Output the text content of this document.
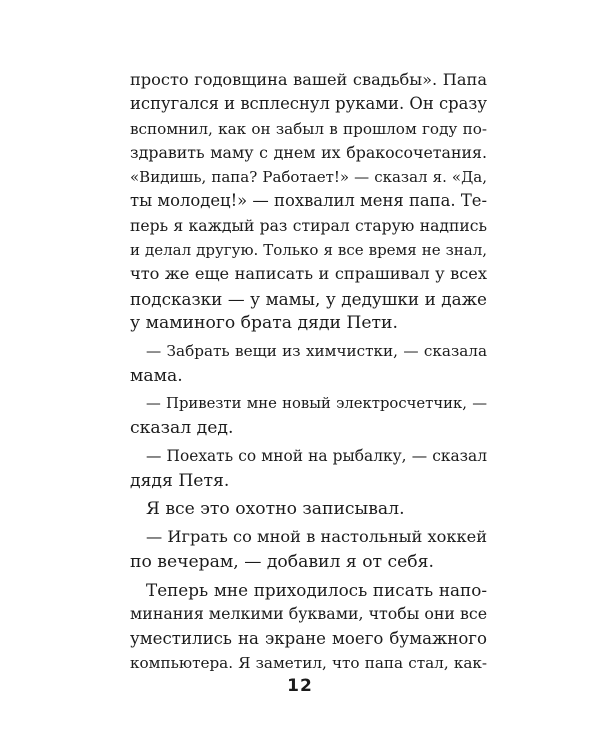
просто годовщина вашей свадьбы». Папа
испугался и всплеснул руками. Он сразу
вспомнил, как он забыл в прошлом году по-
здравить маму с днем их бракосочетания.
«Видишь, папа? Работает!» — сказал я. «Да,
ты молодец!» — похвалил меня папа. Те-
перь я каждый раз стирал старую надпись
и делал другую. Только я все время не знал,
что же еще написать и спрашивал у всех
подсказки — у мамы, у дедушки и даже
у маминого брата дяди Пети.
— Забрать вещи из химчистки, — сказала
мама.
— Привезти мне новый электросчетчик, —
сказал дед.
— Поехать со мной на рыбалку, — сказал
дядя Петя.
Я все это охотно записывал.
— Играть со мной в настольный хоккей
по вечерам, — добавил я от себя.
Теперь мне приходилось писать напо-
минания мелкими буквами, чтобы они все
уместились на экране моего бумажного
компьютера. Я заметил, что папа стал, как-
12
